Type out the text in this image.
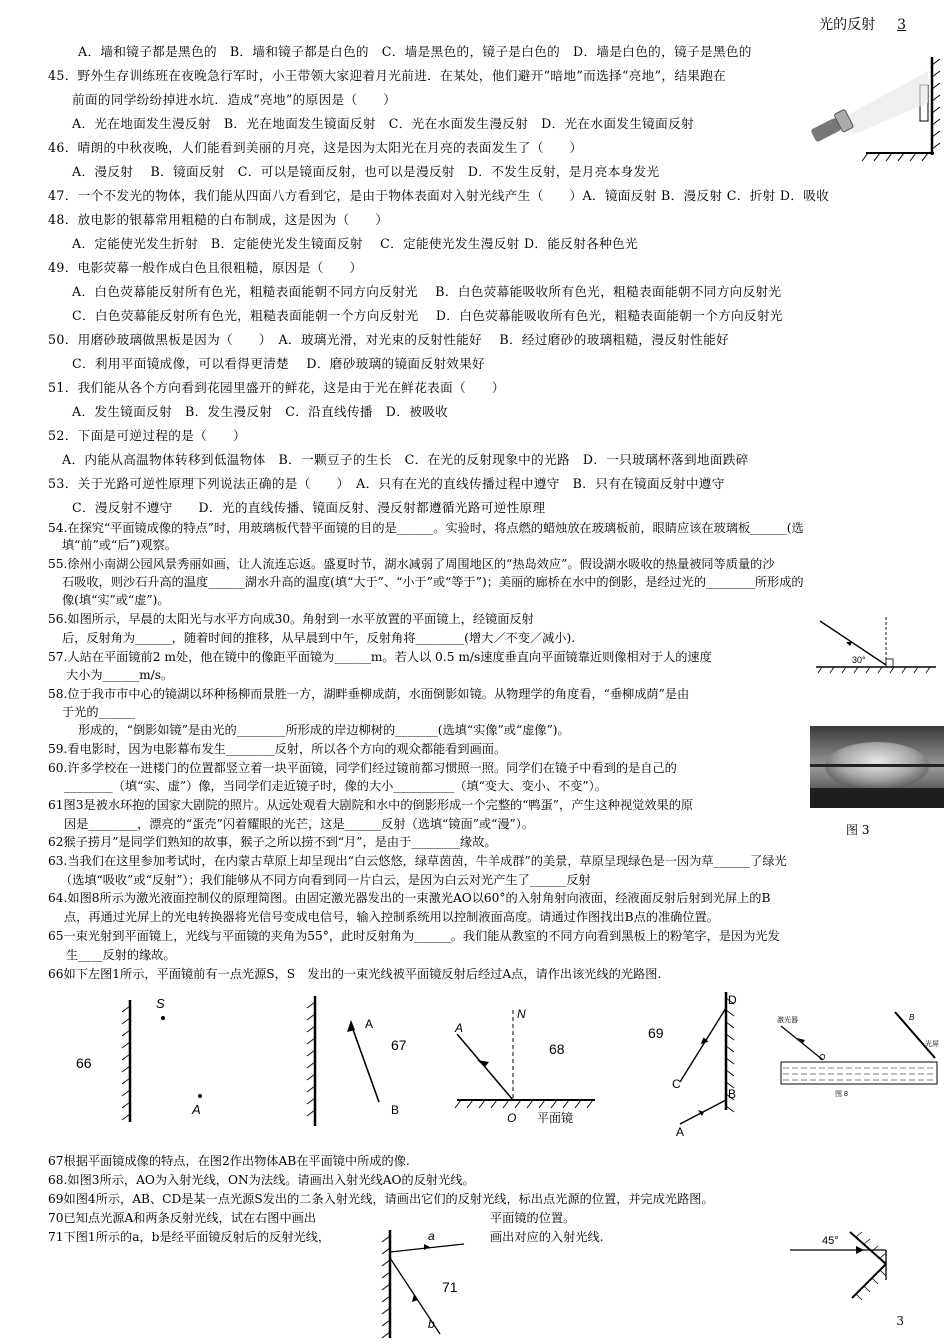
光的反射 3
A．墙和镜子都是黑色的　B．墙和镜子都是白色的　C．墙是黑色的，镜子是白色的　D．墙是白色的，镜子是黑色的
45．野外生存训练班在夜晚急行军时，小王带领大家迎着月光前进．在某处，他们避开“暗地”而选择“亮地”，结果跑在
前面的同学纷纷掉进水坑．造成“亮地”的原因是（　　）
A．光在地面发生漫反射　B．光在地面发生镜面反射　C．光在水面发生漫反射　D．光在水面发生镜面反射
46．晴朗的中秋夜晚，人们能看到美丽的月亮，这是因为太阳光在月亮的表面发生了（　　）
A．漫反射　 B．镜面反射　C．可以是镜面反射，也可以是漫反射　D．不发生反射，是月亮本身发光
47．一个不发光的物体，我们能从四面八方看到它，是由于物体表面对入射光线产生（　　）A．镜面反射 B．漫反射 C．折射 D．吸收
48．放电影的银幕常用粗糙的白布制成，这是因为（　　）
A．定能使光发生折射　B．定能使光发生镜面反射　 C．定能使光发生漫反射 D．能反射各种色光
49．电影荧幕一般作成白色且很粗糙，原因是（　　）
A．白色荧幕能反射所有色光，粗糙表面能朝不同方向反射光　 B．白色荧幕能吸收所有色光，粗糙表面能朝不同方向反射光
C．白色荧幕能反射所有色光，粗糙表面能朝一个方向反射光　 D．白色荧幕能吸收所有色光，粗糙表面能朝一个方向反射光
50．用磨砂玻璃做黑板是因为（　　）　A．玻璃光滑，对光束的反射性能好　 B．经过磨砂的玻璃粗糙，漫反射性能好
C．利用平面镜成像，可以看得更清楚　 D．磨砂玻璃的镜面反射效果好
51．我们能从各个方向看到花园里盛开的鲜花，这是由于光在鲜花表面（　　）
A．发生镜面反射　B．发生漫反射　C．沿直线传播　D．被吸收
52．下面是可逆过程的是（　　）
A．内能从高温物体转移到低温物体　B．一颗豆子的生长　C．在光的反射现象中的光路　D．一只玻璃杯落到地面跌碎
53．关于光路可逆性原理下列说法正确的是（　　）　A．只有在光的直线传播过程中遵守　B．只有在镜面反射中遵守
C．漫反射不遵守　　D．光的直线传播、镜面反射、漫反射都遵循光路可逆性原理
54.在探究“平面镜成像的特点”时，用玻璃板代替平面镜的目的是______。实验时，将点燃的蜡烛放在玻璃板前，眼睛应该在玻璃板______(选
填“前”或“后”)观察。
55.徐州小南湖公园风景秀丽如画，让人流连忘返。盛夏时节，湖水减弱了周围地区的“热岛效应”。假设湖水吸收的热量被同等质量的沙
石吸收，则沙石升高的温度______湖水升高的温度(填“大于”、“小于”或“等于”)；美丽的廊桥在水中的倒影，是经过光的________所形成的
像(填“实”或“虚”)。
56.如图所示，早晨的太阳光与水平方向成30。角射到一水平放置的平面镜上，经镜面反射
后，反射角为______，随着时间的推移，从早晨到中午，反射角将________(增大／不变／减小).
57.人站在平面镜前2 m处，他在镜中的像距平面镜为______m。若人以 0.5 m/s速度垂直向平面镜靠近则像相对于人的速度
大小为______m/s。
58.位于我市市中心的镜湖以环种杨柳而景胜一方，湖畔垂柳成荫，水面倒影如镜。从物理学的角度看，“垂柳成荫”是由
于光的______
形成的，“倒影如镜”是由光的________所形成的岸边柳树的_______(选填“实像”或“虚像”)。
59.看电影时，因为电影幕布发生________反射，所以各个方向的观众都能看到画面。
60.许多学校在一进楼门的位置都竖立着一块平面镜，同学们经过镜前都习惯照一照。同学们在镜子中看到的是自己的
________（填“实、虚”）像，当同学们走近镜子时，像的大小__________（填“变大、变小、不变”）。
61图3是被水环抱的国家大剧院的照片。从远处观看大剧院和水中的倒影形成一个完整的“鸭蛋”，产生这种视觉效果的原
因是________，漂亮的“蛋壳”闪着耀眼的光芒，这是______反射（选填“镜面”或“漫”）。
62猴子捞月”是同学们熟知的故事，猴子之所以捞不到“月”，是由于________缘故。
63.当我们在这里参加考试时，在内蒙古草原上却呈现出“白云悠悠，绿草茵茵，牛羊成群”的美景，草原呈现绿色是一因为草______了绿光
（选填“吸收”或“反射”）；我们能够从不同方向看到同一片白云，是因为白云对光产生了______反射
64.如图8所示为激光液面控制仪的原理简图。由固定激光器发出的一束激光AO以60°的入射角射向液面，经液面反射后射到光屏上的B
点，再通过光屏上的光电转换器将光信号变成电信号，输入控制系统用以控制液面高度。请通过作图找出B点的准确位置。
65一束光射到平面镜上，光线与平面镜的夹角为55°，此时反射角为______。我们能从教室的不同方向看到黑板上的粉笔字，是因为光发
生____反射的缘故。
66如下左图1所示，平面镜前有一点光源S，S　发出的一束光线被平面镜反射后经过A点，请作出该光线的光路图.
67根据平面镜成像的特点，在图2作出物体AB在平面镜中所成的像.
68.如图3所示，AO为入射光线，ON为法线。请画出入射光线AO的反射光线。
69如图4所示，AB、CD是某一点光源S发出的二条入射光线，请画出它们的反射光线，标出点光源的位置，并完成光路图。
70已知点光源A和两条反射光线，试在右图中画出	平面镜的位置。
71下图1所示的a，b是经平面镜反射后的反射光线，	画出对应的入射光线.
30°
图 3
66
S
A
67
A
B
68
N
A
O 平面镜
69
D
C
B
A
激光器	B
O
光屏
图 8
a
b
71
45°
3
